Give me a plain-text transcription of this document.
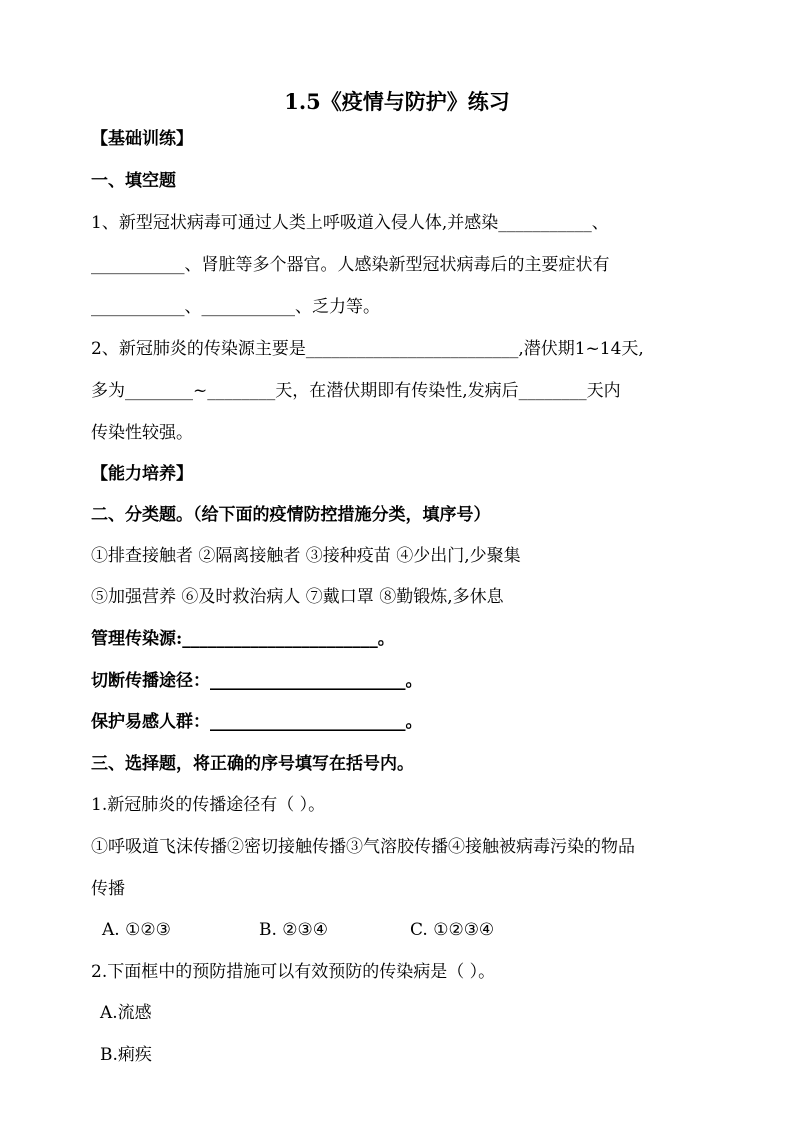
1.5《疫情与防护》练习
【基础训练】
一、填空题
1、新型冠状病毒可通过人类上呼吸道入侵人体,并感染___________、
___________、肾脏等多个器官。人感染新型冠状病毒后的主要症状有
___________、___________、乏力等。
2、新冠肺炎的传染源主要是_________________________,潜伏期1~14天,
多为________~________天，在潜伏期即有传染性,发病后________天内
传染性较强。
【能力培养】
二、分类题。（给下面的疫情防控措施分类，填序号）
①排查接触者 ②隔离接触者 ③接种疫苗 ④少出门,少聚集
⑤加强营养 ⑥及时救治病人 ⑦戴口罩 ⑧勤锻炼,多休息
管理传染源:_______________________。
切断传播途径：_______________________。
保护易感人群：_______________________。
三、选择题，将正确的序号填写在括号内。
1.新冠肺炎的传播途径有（ ）。
①呼吸道飞沫传播②密切接触传播③气溶胶传播④接触被病毒污染的物品
传播
A. ①②③	B. ②③④	C. ①②③④
2.下面框中的预防措施可以有效预防的传染病是（ ）。
A.流感
B.痢疾
